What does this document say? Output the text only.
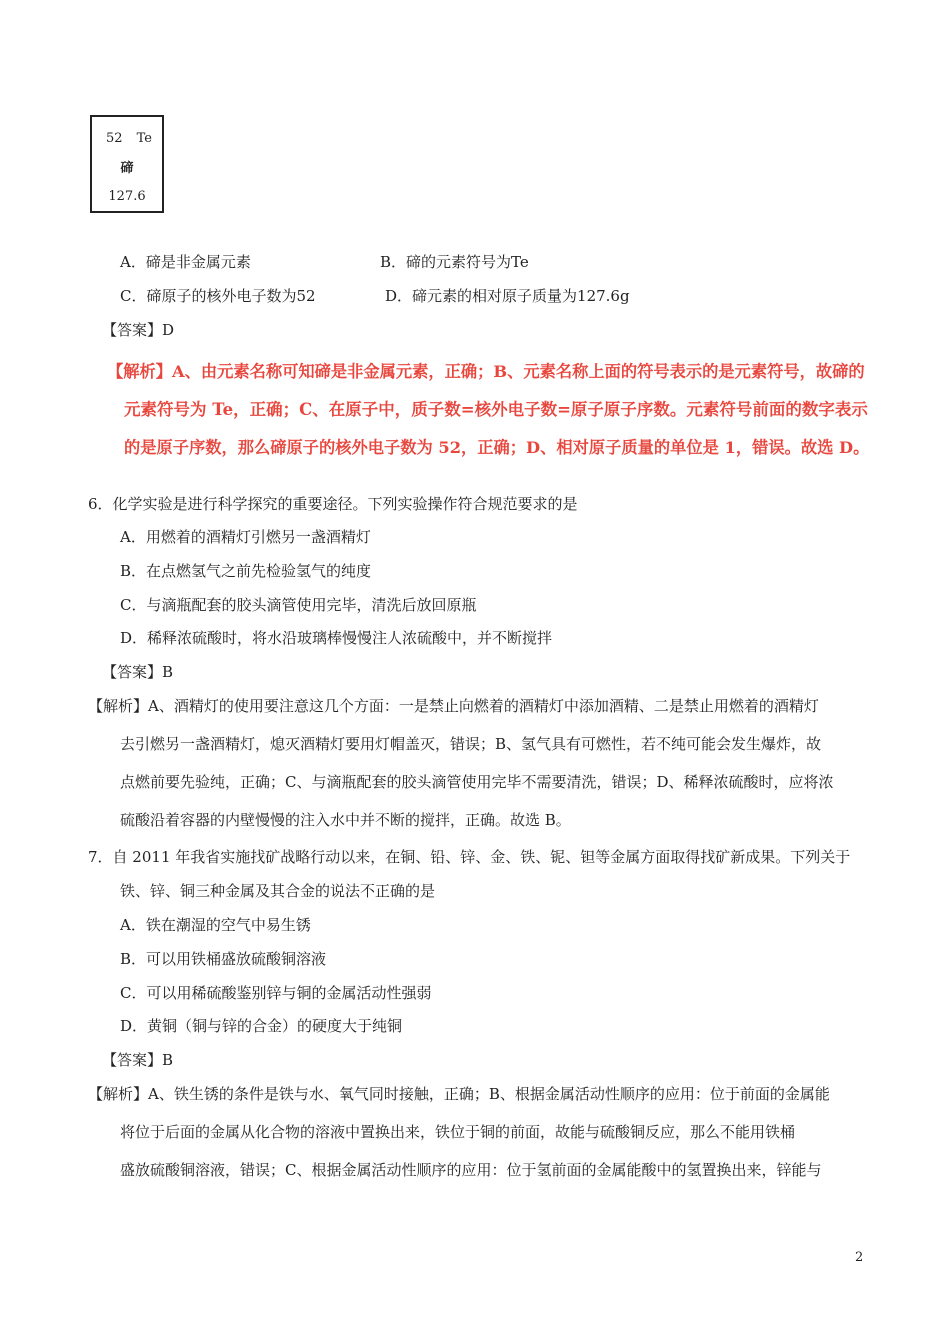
52 Te
碲
127.6
A．碲是非金属元素	B．碲的元素符号为Te
C．碲原子的核外电子数为52	D．碲元素的相对原子质量为127.6g
【答案】D
【解析】A、由元素名称可知碲是非金属元素，正确；B、元素名称上面的符号表示的是元素符号，故碲的
元素符号为 Te，正确；C、在原子中，质子数=核外电子数=原子原子序数。元素符号前面的数字表示
的是原子序数，那么碲原子的核外电子数为 52，正确；D、相对原子质量的单位是 1，错误。故选 D。
6．化学实验是进行科学探究的重要途径。下列实验操作符合规范要求的是
A．用燃着的酒精灯引燃另一盏酒精灯
B．在点燃氢气之前先检验氢气的纯度
C．与滴瓶配套的胶头滴管使用完毕，清洗后放回原瓶
D．稀释浓硫酸时，将水沿玻璃棒慢慢注人浓硫酸中，并不断搅拌
【答案】B
【解析】A、酒精灯的使用要注意这几个方面：一是禁止向燃着的酒精灯中添加酒精、二是禁止用燃着的酒精灯
去引燃另一盏酒精灯，熄灭酒精灯要用灯帽盖灭，错误；B、氢气具有可燃性，若不纯可能会发生爆炸，故
点燃前要先验纯，正确；C、与滴瓶配套的胶头滴管使用完毕不需要清洗，错误；D、稀释浓硫酸时，应将浓
硫酸沿着容器的内壁慢慢的注入水中并不断的搅拌，正确。故选 B。
7．自 2011 年我省实施找矿战略行动以来，在铜、铅、锌、金、铁、铌、钽等金属方面取得找矿新成果。下列关于
铁、锌、铜三种金属及其合金的说法不正确的是
A．铁在潮湿的空气中易生锈
B．可以用铁桶盛放硫酸铜溶液
C．可以用稀硫酸鉴别锌与铜的金属活动性强弱
D．黄铜（铜与锌的合金）的硬度大于纯铜
【答案】B
【解析】A、铁生锈的条件是铁与水、氧气同时接触，正确；B、根据金属活动性顺序的应用：位于前面的金属能
将位于后面的金属从化合物的溶液中置换出来，铁位于铜的前面，故能与硫酸铜反应，那么不能用铁桶
盛放硫酸铜溶液，错误；C、根据金属活动性顺序的应用：位于氢前面的金属能酸中的氢置换出来，锌能与
2
